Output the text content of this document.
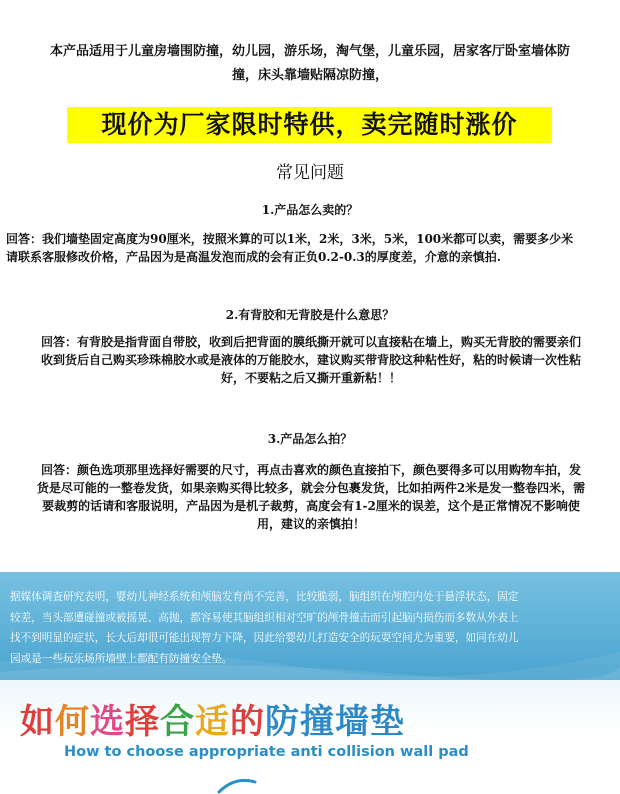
本产品适用于儿童房墙围防撞，幼儿园，游乐场，淘气堡，儿童乐园，居家客厅卧室墙体防
撞，床头靠墙贴隔凉防撞，
现价为厂家限时特供，卖完随时涨价
常见问题
1.产品怎么卖的？
回答：我们墙垫固定高度为90厘米，按照米算的可以1米，2米，3米，5米，100米都可以卖，需要多少米
请联系客服修改价格，产品因为是高温发泡而成的会有正负0.2-0.3的厚度差，介意的亲慎拍.
2.有背胶和无背胶是什么意思？
回答：有背胶是指背面自带胶，收到后把背面的膜纸撕开就可以直接粘在墙上，购买无背胶的需要亲们
收到货后自己购买珍珠棉胶水或是液体的万能胶水，建议购买带背胶这种粘性好，粘的时候请一次性粘
好，不要粘之后又撕开重新粘！！
3.产品怎么拍？
回答：颜色选项那里选择好需要的尺寸，再点击喜欢的颜色直接拍下，颜色要得多可以用购物车拍，发
货是尽可能的一整卷发货，如果亲购买得比较多，就会分包裹发货，比如拍两件2米是发一整卷四米，需
要裁剪的话请和客服说明，产品因为是机子裁剪，高度会有1-2厘米的误差，这个是正常情况不影响使
用，建议的亲慎拍！
据媒体调查研究表明，婴幼儿神经系统和颅脑发育尚不完善，比较脆弱，脑组织在颅腔内处于悬浮状态，固定
较差，当头部遭碰撞或被摇晃、高抛，都容易使其脑组织相对空旷的颅骨撞击而引起脑内损伤而多数从外表上
找不到明显的症状，长大后却很可能出现智力下降，因此给婴幼儿打造安全的玩耍空间尤为重要，如同在幼儿
园或是一些玩乐场所墙壁上都配有防撞安全垫。
如何选择合适的防撞墙垫
How to choose appropriate anti collision wall pad
